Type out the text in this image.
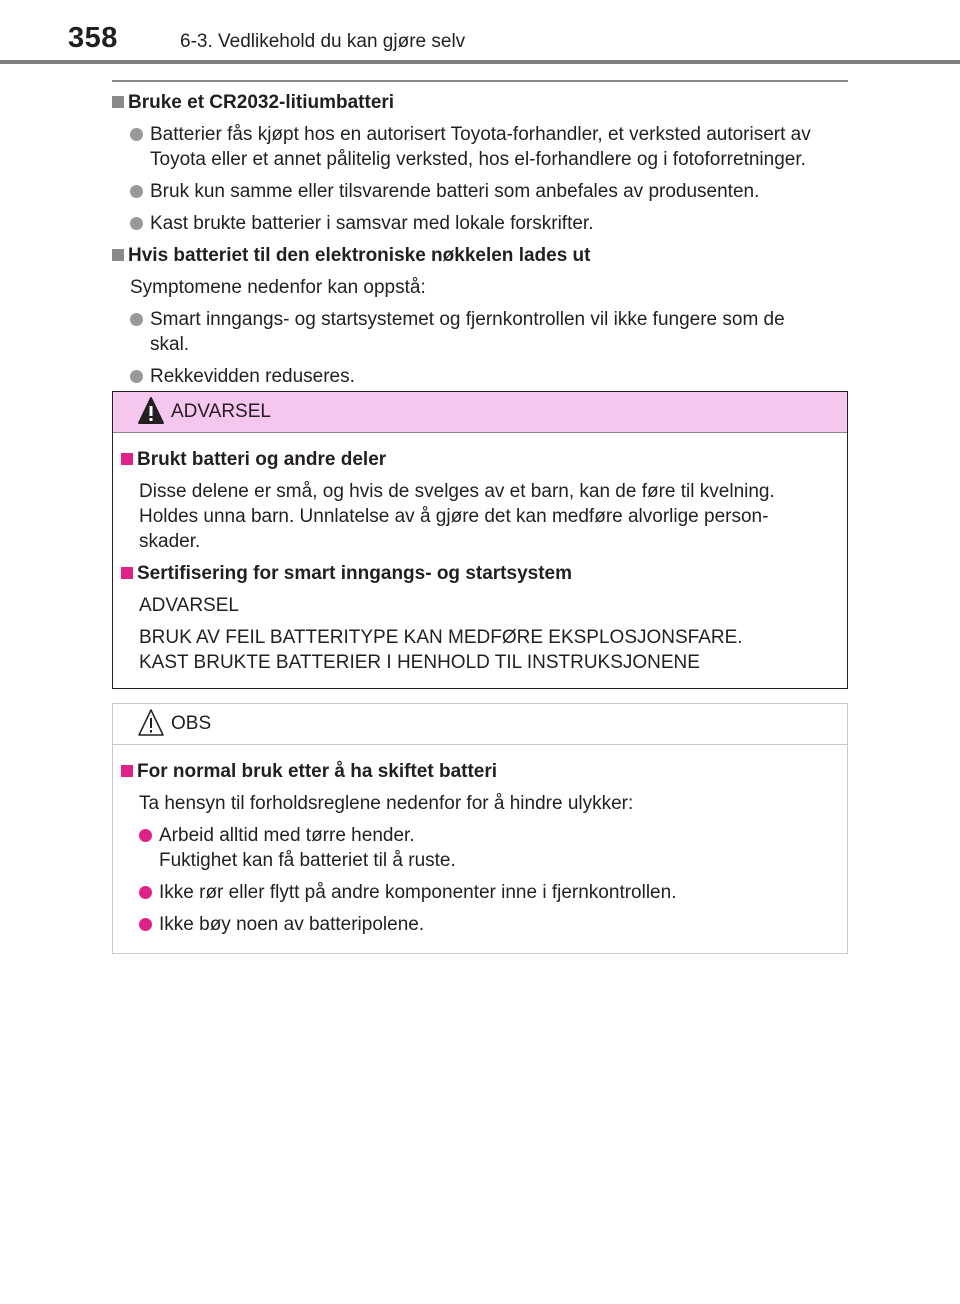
358	6-3. Vedlikehold du kan gjøre selv
Bruke et CR2032-litiumbatteri
Batterier fås kjøpt hos en autorisert Toyota-forhandler, et verksted autorisert av
Toyota eller et annet pålitelig verksted, hos el-forhandlere og i fotoforretninger.
Bruk kun samme eller tilsvarende batteri som anbefales av produsenten.
Kast brukte batterier i samsvar med lokale forskrifter.
Hvis batteriet til den elektroniske nøkkelen lades ut
Symptomene nedenfor kan oppstå:
Smart inngangs- og startsystemet og fjernkontrollen vil ikke fungere som de
skal.
Rekkevidden reduseres.
ADVARSEL
Brukt batteri og andre deler
Disse delene er små, og hvis de svelges av et barn, kan de føre til kvelning.
Holdes unna barn. Unnlatelse av å gjøre det kan medføre alvorlige person-
skader.
Sertifisering for smart inngangs- og startsystem
ADVARSEL
BRUK AV FEIL BATTERITYPE KAN MEDFØRE EKSPLOSJONSFARE.
KAST BRUKTE BATTERIER I HENHOLD TIL INSTRUKSJONENE
OBS
For normal bruk etter å ha skiftet batteri
Ta hensyn til forholdsreglene nedenfor for å hindre ulykker:
Arbeid alltid med tørre hender.
Fuktighet kan få batteriet til å ruste.
Ikke rør eller flytt på andre komponenter inne i fjernkontrollen.
Ikke bøy noen av batteripolene.
